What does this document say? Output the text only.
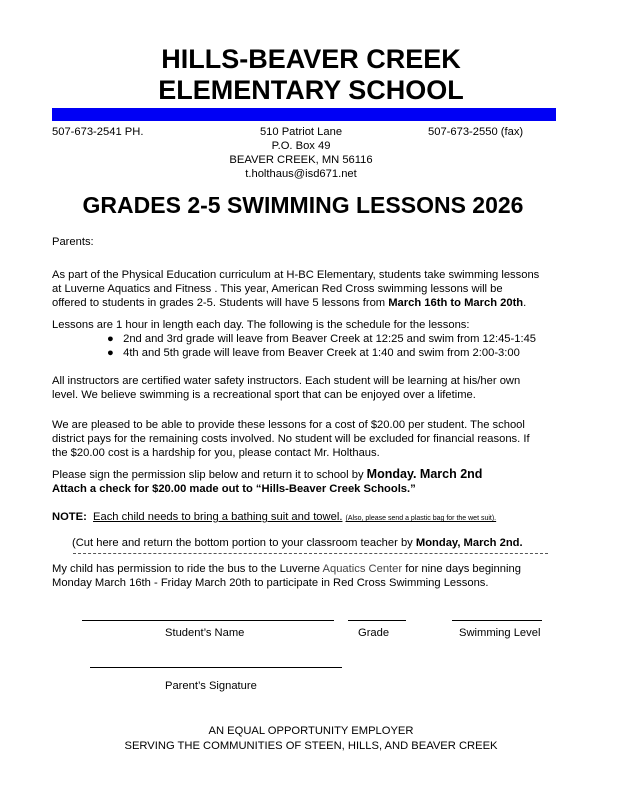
HILLS-BEAVER CREEK
ELEMENTARY SCHOOL
507-673-2541 PH.	507-673-2550 (fax)
510 Patriot Lane
P.O. Box 49
BEAVER CREEK, MN 56116
t.holthaus@isd671.net
GRADES 2-5 SWIMMING LESSONS 2026
Parents:
As part of the Physical Education curriculum at H-BC Elementary, students take swimming lessons
at Luverne Aquatics and Fitness . This year, American Red Cross swimming lessons will be
offered to students in grades 2-5. Students will have 5 lessons from March 16th to March 20th.
Lessons are 1 hour in length each day. The following is the schedule for the lessons:
●   2nd and 3rd grade will leave from Beaver Creek at 12:25 and swim from 12:45-1:45
●   4th and 5th grade will leave from Beaver Creek at 1:40 and swim from 2:00-3:00
All instructors are certified water safety instructors. Each student will be learning at his/her own
level. We believe swimming is a recreational sport that can be enjoyed over a lifetime.
We are pleased to be able to provide these lessons for a cost of $20.00 per student. The school
district pays for the remaining costs involved. No student will be excluded for financial reasons. If
the $20.00 cost is a hardship for you, please contact Mr. Holthaus.
Please sign the permission slip below and return it to school by Monday. March 2nd
Attach a check for $20.00 made out to “Hills-Beaver Creek Schools.”
NOTE: Each child needs to bring a bathing suit and towel. (Also, please send a plastic bag for the wet suit).
(Cut here and return the bottom portion to your classroom teacher by Monday, March 2nd.
My child has permission to ride the bus to the Luverne Aquatics Center for nine days beginning
Monday March 16th - Friday March 20th to participate in Red Cross Swimming Lessons.
Student’s Name	Grade	Swimming Level
Parent’s Signature
AN EQUAL OPPORTUNITY EMPLOYER
SERVING THE COMMUNITIES OF STEEN, HILLS, AND BEAVER CREEK
